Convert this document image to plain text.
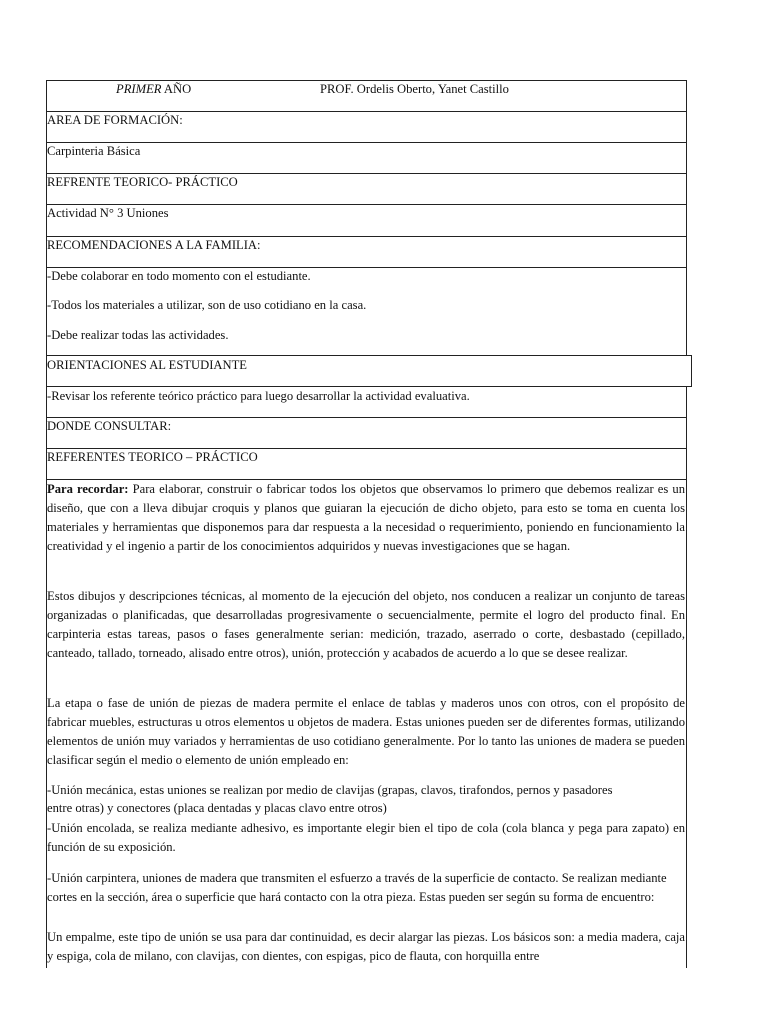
PRIMER AÑO	PROF. Ordelis Oberto, Yanet Castillo
AREA DE FORMACIÓN:
Carpinteria Básica
REFRENTE TEORICO- PRÁCTICO
Actividad N° 3 Uniones
RECOMENDACIONES A LA FAMILIA:
-Debe colaborar en todo momento con el estudiante.
-Todos los materiales a utilizar, son de uso cotidiano en la casa.
-Debe realizar todas las actividades.
ORIENTACIONES AL ESTUDIANTE
-Revisar los referente teórico práctico para luego desarrollar la actividad evaluativa.
DONDE CONSULTAR:
REFERENTES TEORICO – PRÁCTICO

Para recordar: Para elaborar, construir o fabricar todos los objetos que observamos lo primero que debemos realizar es un diseño, que con a lleva dibujar croquis y planos que guiaran la ejecución de dicho objeto, para esto se toma en cuenta los materiales y herramientas que disponemos para dar respuesta a la necesidad o requerimiento, poniendo en funcionamiento la creatividad y el ingenio a partir de los conocimientos adquiridos y nuevas investigaciones que se hagan.

Estos dibujos y descripciones técnicas, al momento de la ejecución del objeto, nos conducen a realizar un conjunto de tareas organizadas o planificadas, que desarrolladas progresivamente o secuencialmente, permite el logro del producto final. En carpinteria estas tareas, pasos o fases generalmente serian: medición, trazado, aserrado o corte, desbastado (cepillado, canteado, tallado, torneado, alisado entre otros), unión, protección y acabados de acuerdo a lo que se desee realizar.

La etapa o fase de unión de piezas de madera permite el enlace de tablas y maderos unos con otros, con el propósito de fabricar muebles, estructuras u otros elementos u objetos de madera. Estas uniones pueden ser de diferentes formas, utilizando elementos de unión muy variados y herramientas de uso cotidiano generalmente. Por lo tanto las uniones de madera se pueden clasificar según el medio o elemento de unión empleado en:

-Unión mecánica, estas uniones se realizan por medio de clavijas (grapas, clavos, tirafondos, pernos y pasadores
entre otras) y conectores (placa dentadas y placas clavo entre otros)

-Unión encolada, se realiza mediante adhesivo, es importante elegir bien el tipo de cola (cola blanca y pega para zapato) en función de su exposición.

-Unión carpintera, uniones de madera que transmiten el esfuerzo a través de la superficie de contacto. Se realizan mediante cortes en la sección, área o superficie que hará contacto con la otra pieza. Estas pueden ser según su forma de encuentro:

Un empalme, este tipo de unión se usa para dar continuidad, es decir alargar las piezas. Los básicos son: a media madera, caja y espiga, cola de milano, con clavijas, con dientes, con espigas, pico de flauta, con horquilla entre
